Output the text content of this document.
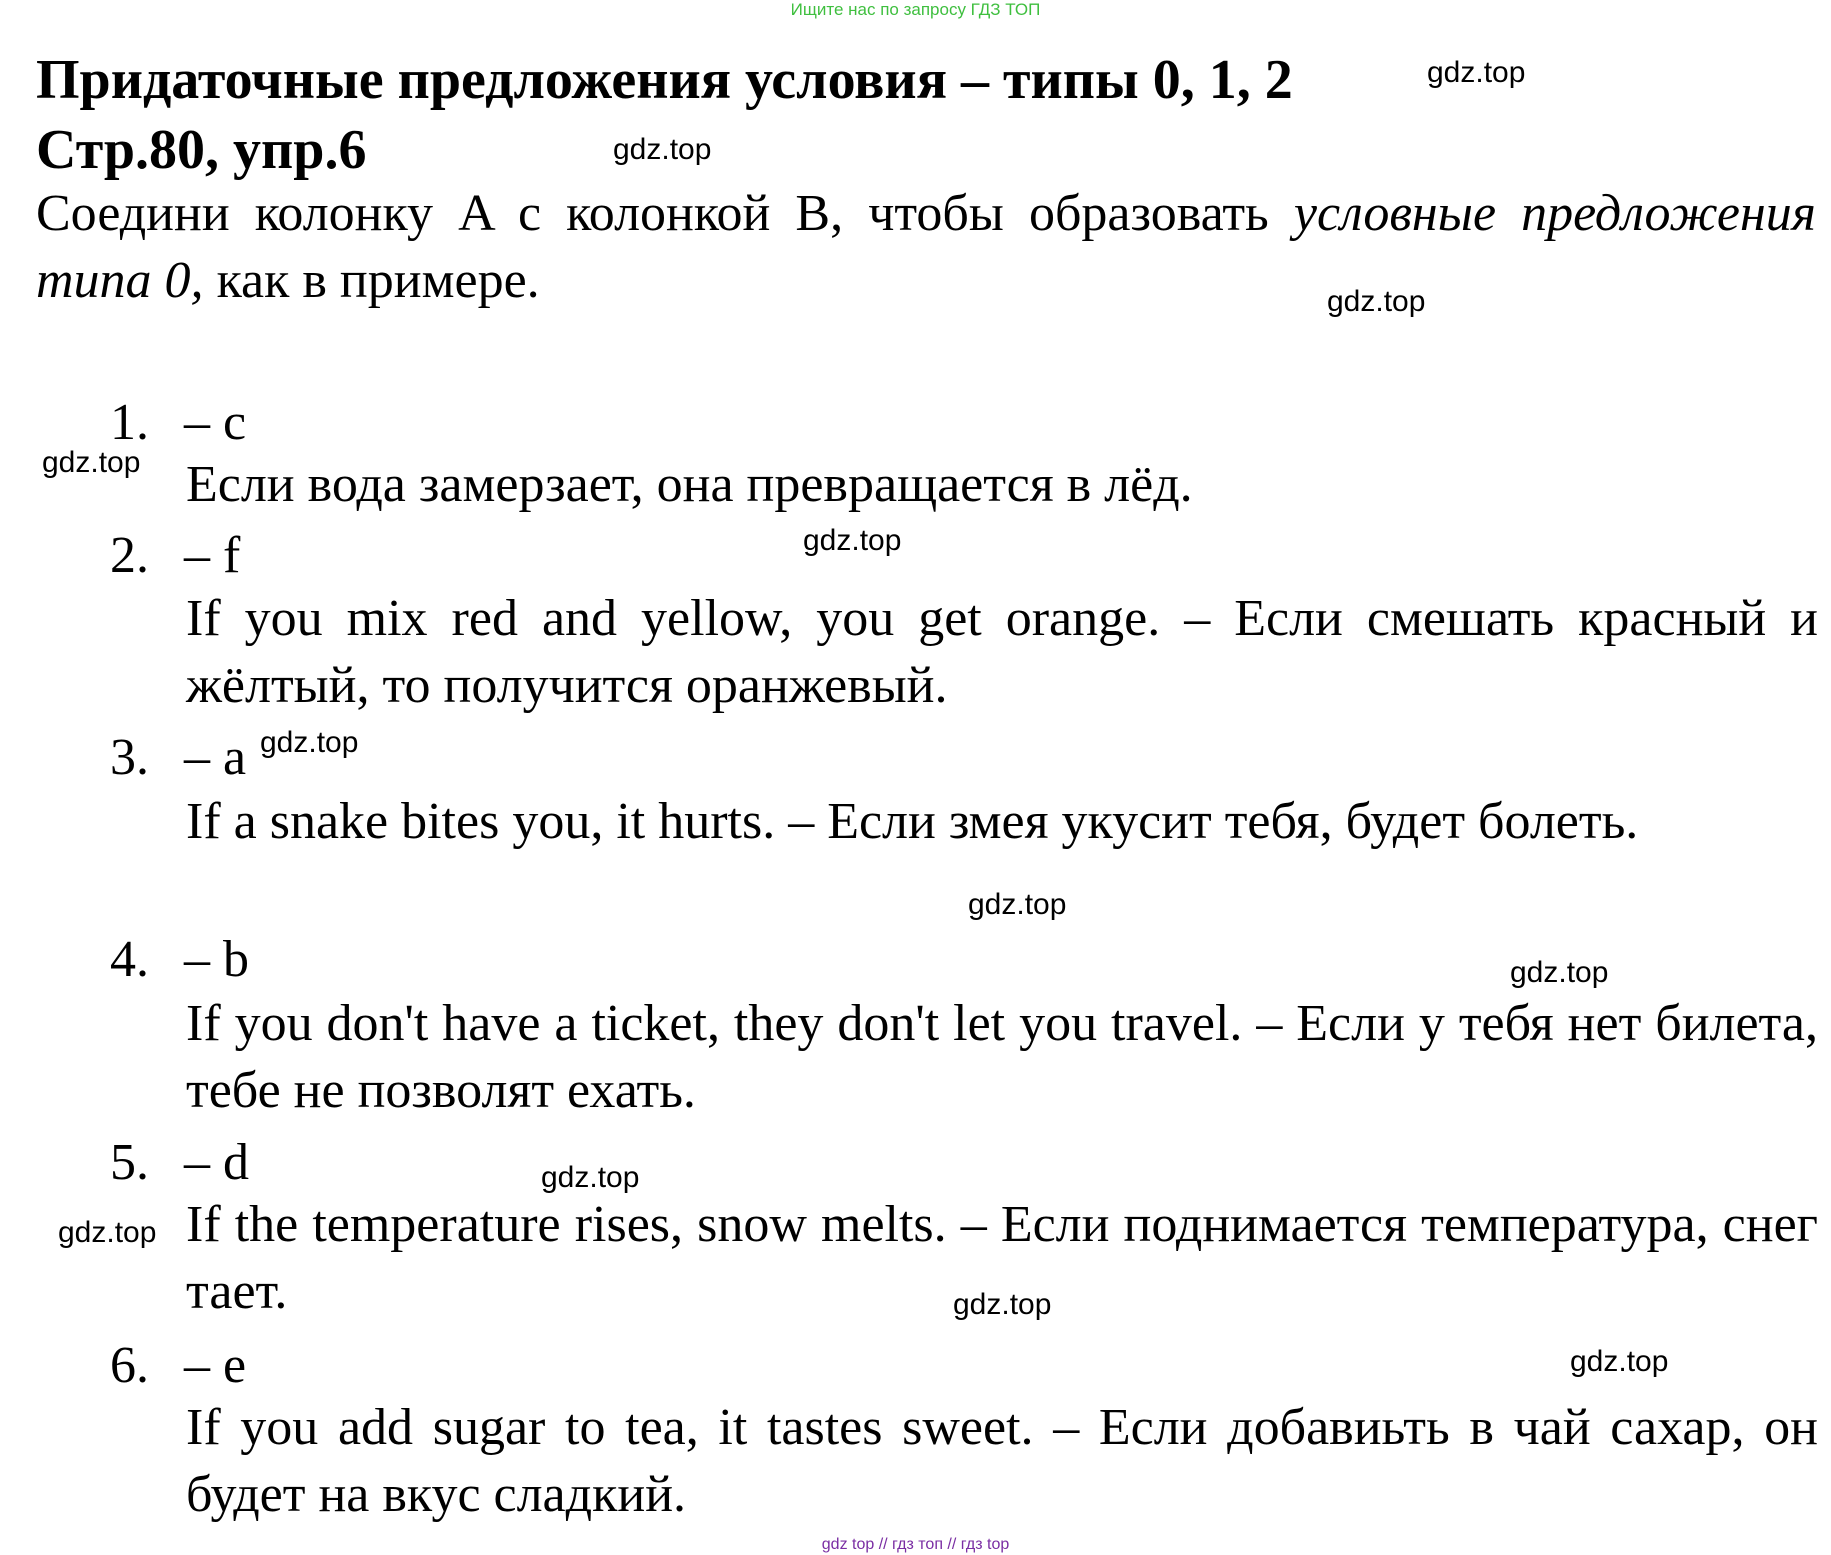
Ищите нас по запросу ГДЗ ТОП
Придаточные предложения условия – типы 0, 1, 2
Стр.80, упр.6
Соедини колонку A с колонкой B, чтобы образовать условные предложения типа 0, как в примере.
1. – c
Если вода замерзает, она превращается в лёд.
2. – f
If you mix red and yellow, you get orange. – Если смешать красный и жёлтый, то получится оранжевый.
3. – a
If a snake bites you, it hurts. – Если змея укусит тебя, будет болеть.
4. – b
If you don't have a ticket, they don't let you travel. – Если у тебя нет билета, тебе не позволят ехать.
5. – d
If the temperature rises, snow melts. – Если поднимается температура, снег тает.
6. – e
If you add sugar to tea, it tastes sweet. – Если добавиьть в чай сахар, он будет на вкус сладкий.
gdz.top
gdz.top
gdz.top
gdz.top
gdz.top
gdz.top
gdz.top
gdz.top
gdz.top
gdz.top
gdz.top
gdz.top
gdz top // гдз топ // гдз top
